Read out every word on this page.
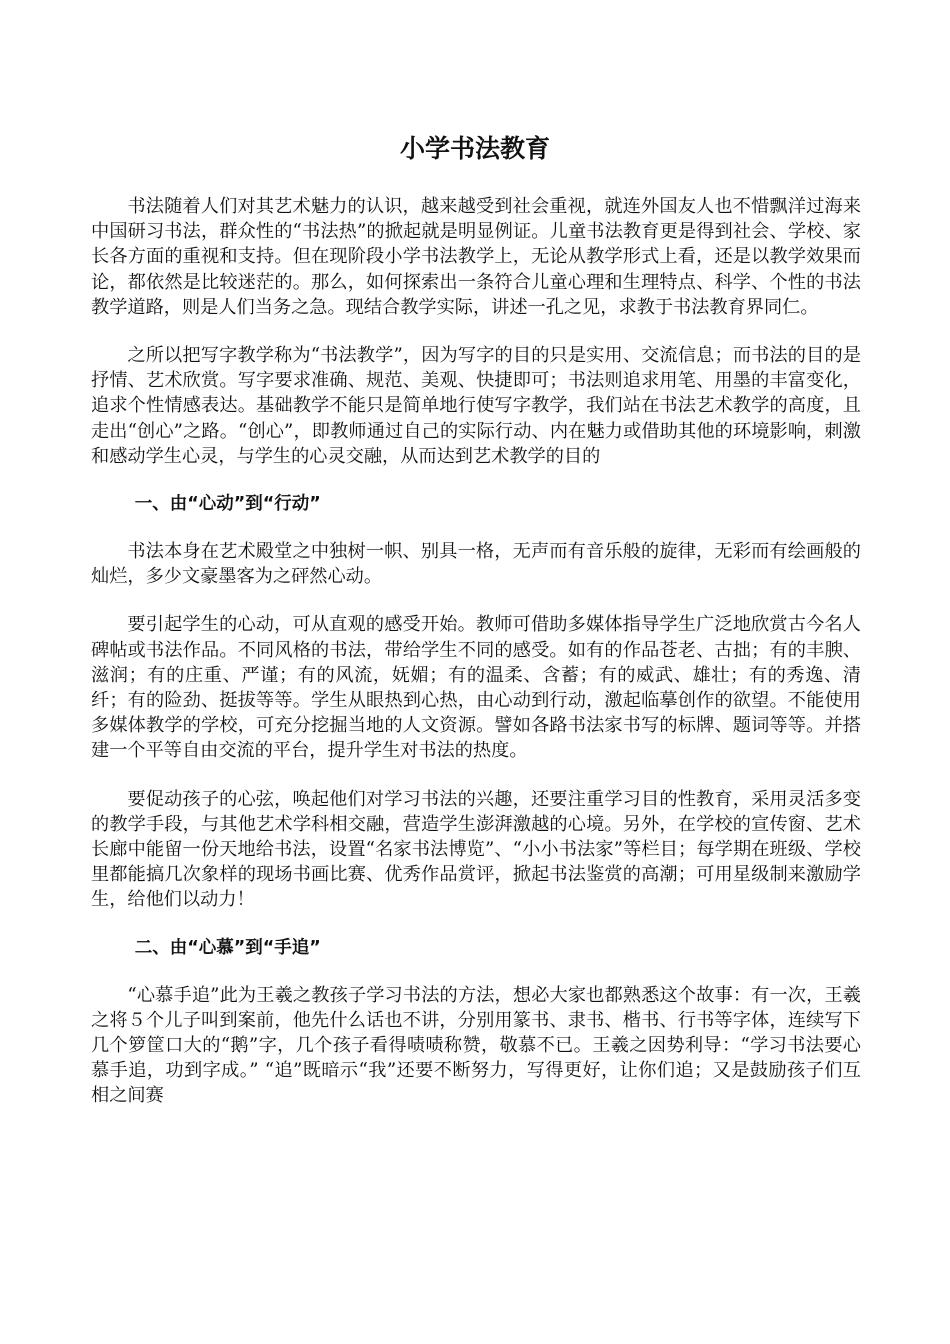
小学书法教育

书法随着人们对其艺术魅力的认识，越来越受到社会重视，就连外国友人也不惜飘洋过海来中国研习书法，群众性的“书法热”的掀起就是明显例证。儿童书法教育更是得到社会、学校、家长各方面的重视和支持。但在现阶段小学书法教学上，无论从教学形式上看，还是以教学效果而论，都依然是比较迷茫的。那么，如何探索出一条符合儿童心理和生理特点、科学、个性的书法教学道路，则是人们当务之急。现结合教学实际，讲述一孔之见，求教于书法教育界同仁。

之所以把写字教学称为“书法教学”，因为写字的目的只是实用、交流信息；而书法的目的是抒情、艺术欣赏。写字要求准确、规范、美观、快捷即可；书法则追求用笔、用墨的丰富变化，追求个性情感表达。基础教学不能只是简单地行使写字教学，我们站在书法艺术教学的高度，且走出“创心”之路。“创心”，即教师通过自己的实际行动、内在魅力或借助其他的环境影响，刺激和感动学生心灵，与学生的心灵交融，从而达到艺术教学的目的

一、由“心动”到“行动”

书法本身在艺术殿堂之中独树一帜、别具一格，无声而有音乐般的旋律，无彩而有绘画般的灿烂，多少文豪墨客为之砰然心动。

要引起学生的心动，可从直观的感受开始。教师可借助多媒体指导学生广泛地欣赏古今名人碑帖或书法作品。不同风格的书法，带给学生不同的感受。如有的作品苍老、古拙；有的丰腴、滋润；有的庄重、严谨；有的风流，妩媚；有的温柔、含蓄；有的威武、雄壮；有的秀逸、清纤；有的险劲、挺拔等等。学生从眼热到心热，由心动到行动，激起临摹创作的欲望。不能使用多媒体教学的学校，可充分挖掘当地的人文资源。譬如各路书法家书写的标牌、题词等等。并搭建一个平等自由交流的平台，提升学生对书法的热度。

要促动孩子的心弦，唤起他们对学习书法的兴趣，还要注重学习目的性教育，采用灵活多变的教学手段，与其他艺术学科相交融，营造学生澎湃激越的心境。另外，在学校的宣传窗、艺术长廊中能留一份天地给书法，设置“名家书法博览”、“小小书法家”等栏目；每学期在班级、学校里都能搞几次象样的现场书画比赛、优秀作品赏评，掀起书法鉴赏的高潮；可用星级制来激励学生，给他们以动力！

二、由“心慕”到“手追”

“心慕手追”此为王羲之教孩子学习书法的方法，想必大家也都熟悉这个故事：有一次，王羲之将５个儿子叫到案前，他先什么话也不讲，分别用篆书、隶书、楷书、行书等字体，连续写下几个箩筐口大的“鹅”字，几个孩子看得啧啧称赞，敬慕不已。王羲之因势利导：“学习书法要心慕手追，功到字成。” “追”既暗示“我”还要不断努力，写得更好，让你们追；又是鼓励孩子们互相之间赛
